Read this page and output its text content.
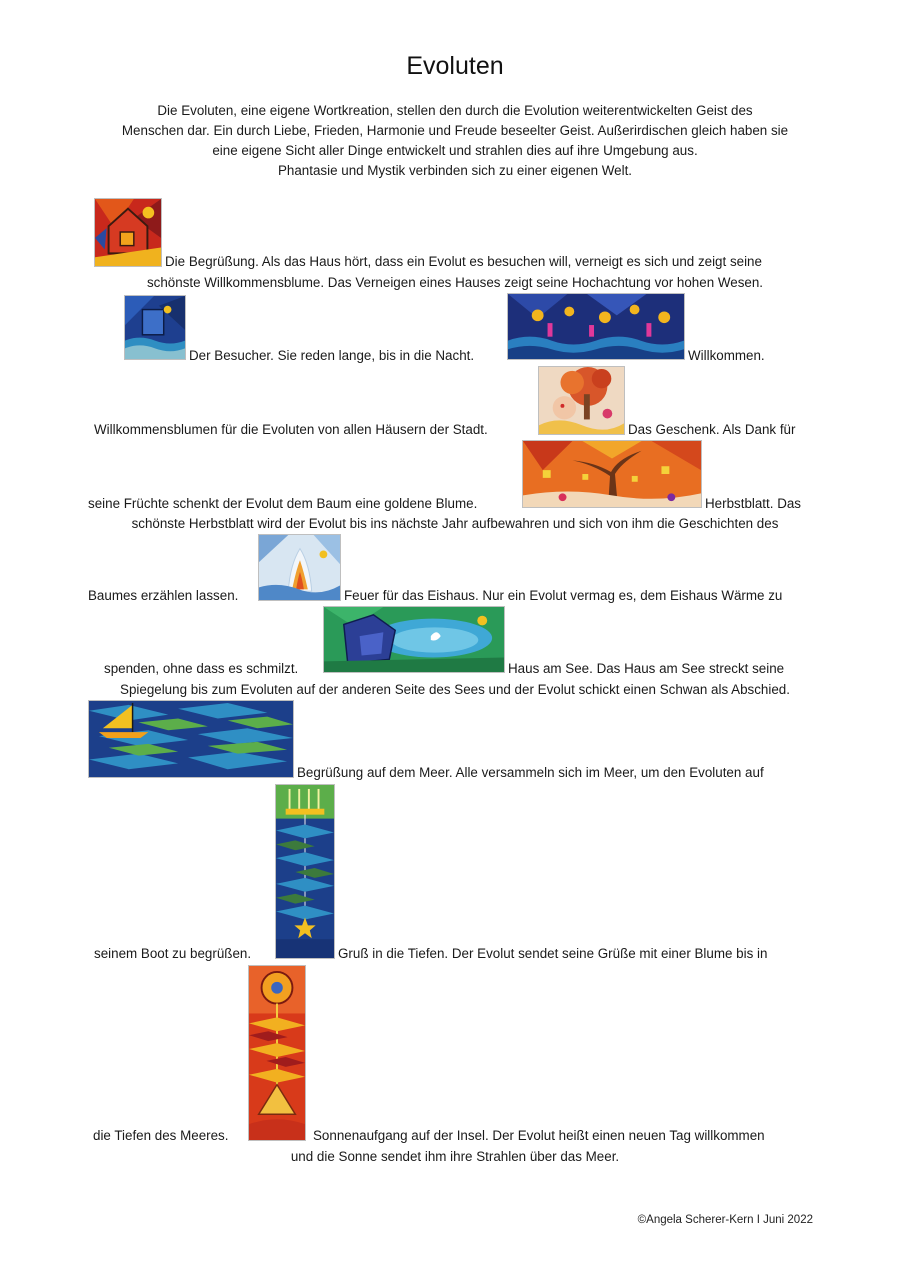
Evoluten
Die Evoluten, eine eigene Wortkreation, stellen den durch die Evolution weiterentwickelten Geist des
Menschen dar. Ein durch Liebe, Frieden, Harmonie und Freude beseelter Geist. Außerirdischen gleich haben sie
eine eigene Sicht aller Dinge entwickelt und strahlen dies auf ihre Umgebung aus.
Phantasie und Mystik verbinden sich zu einer eigenen Welt.
Die Begrüßung. Als das Haus hört, dass ein Evolut es besuchen will, verneigt es sich und zeigt seine
schönste Willkommensblume. Das Verneigen eines Hauses zeigt seine Hochachtung vor hohen Wesen.
Der Besucher. Sie reden lange, bis in die Nacht.	Willkommen.
Willkommensblumen für die Evoluten von allen Häusern der Stadt.	Das Geschenk. Als Dank für
seine Früchte schenkt der Evolut dem Baum eine goldene Blume.	Herbstblatt. Das
schönste Herbstblatt wird der Evolut bis ins nächste Jahr aufbewahren und sich von ihm die Geschichten des
Baumes erzählen lassen.	Feuer für das Eishaus. Nur ein Evolut vermag es, dem Eishaus Wärme zu
spenden, ohne dass es schmilzt.	Haus am See. Das Haus am See streckt seine
Spiegelung bis zum Evoluten auf der anderen Seite des Sees und der Evolut schickt einen Schwan als Abschied.
Begrüßung auf dem Meer. Alle versammeln sich im Meer, um den Evoluten auf
seinem Boot zu begrüßen.	Gruß in die Tiefen. Der Evolut sendet seine Grüße mit einer Blume bis in
die Tiefen des Meeres.	Sonnenaufgang auf der Insel. Der Evolut heißt einen neuen Tag willkommen
und die Sonne sendet ihm ihre Strahlen über das Meer.
©Angela Scherer-Kern I Juni 2022
